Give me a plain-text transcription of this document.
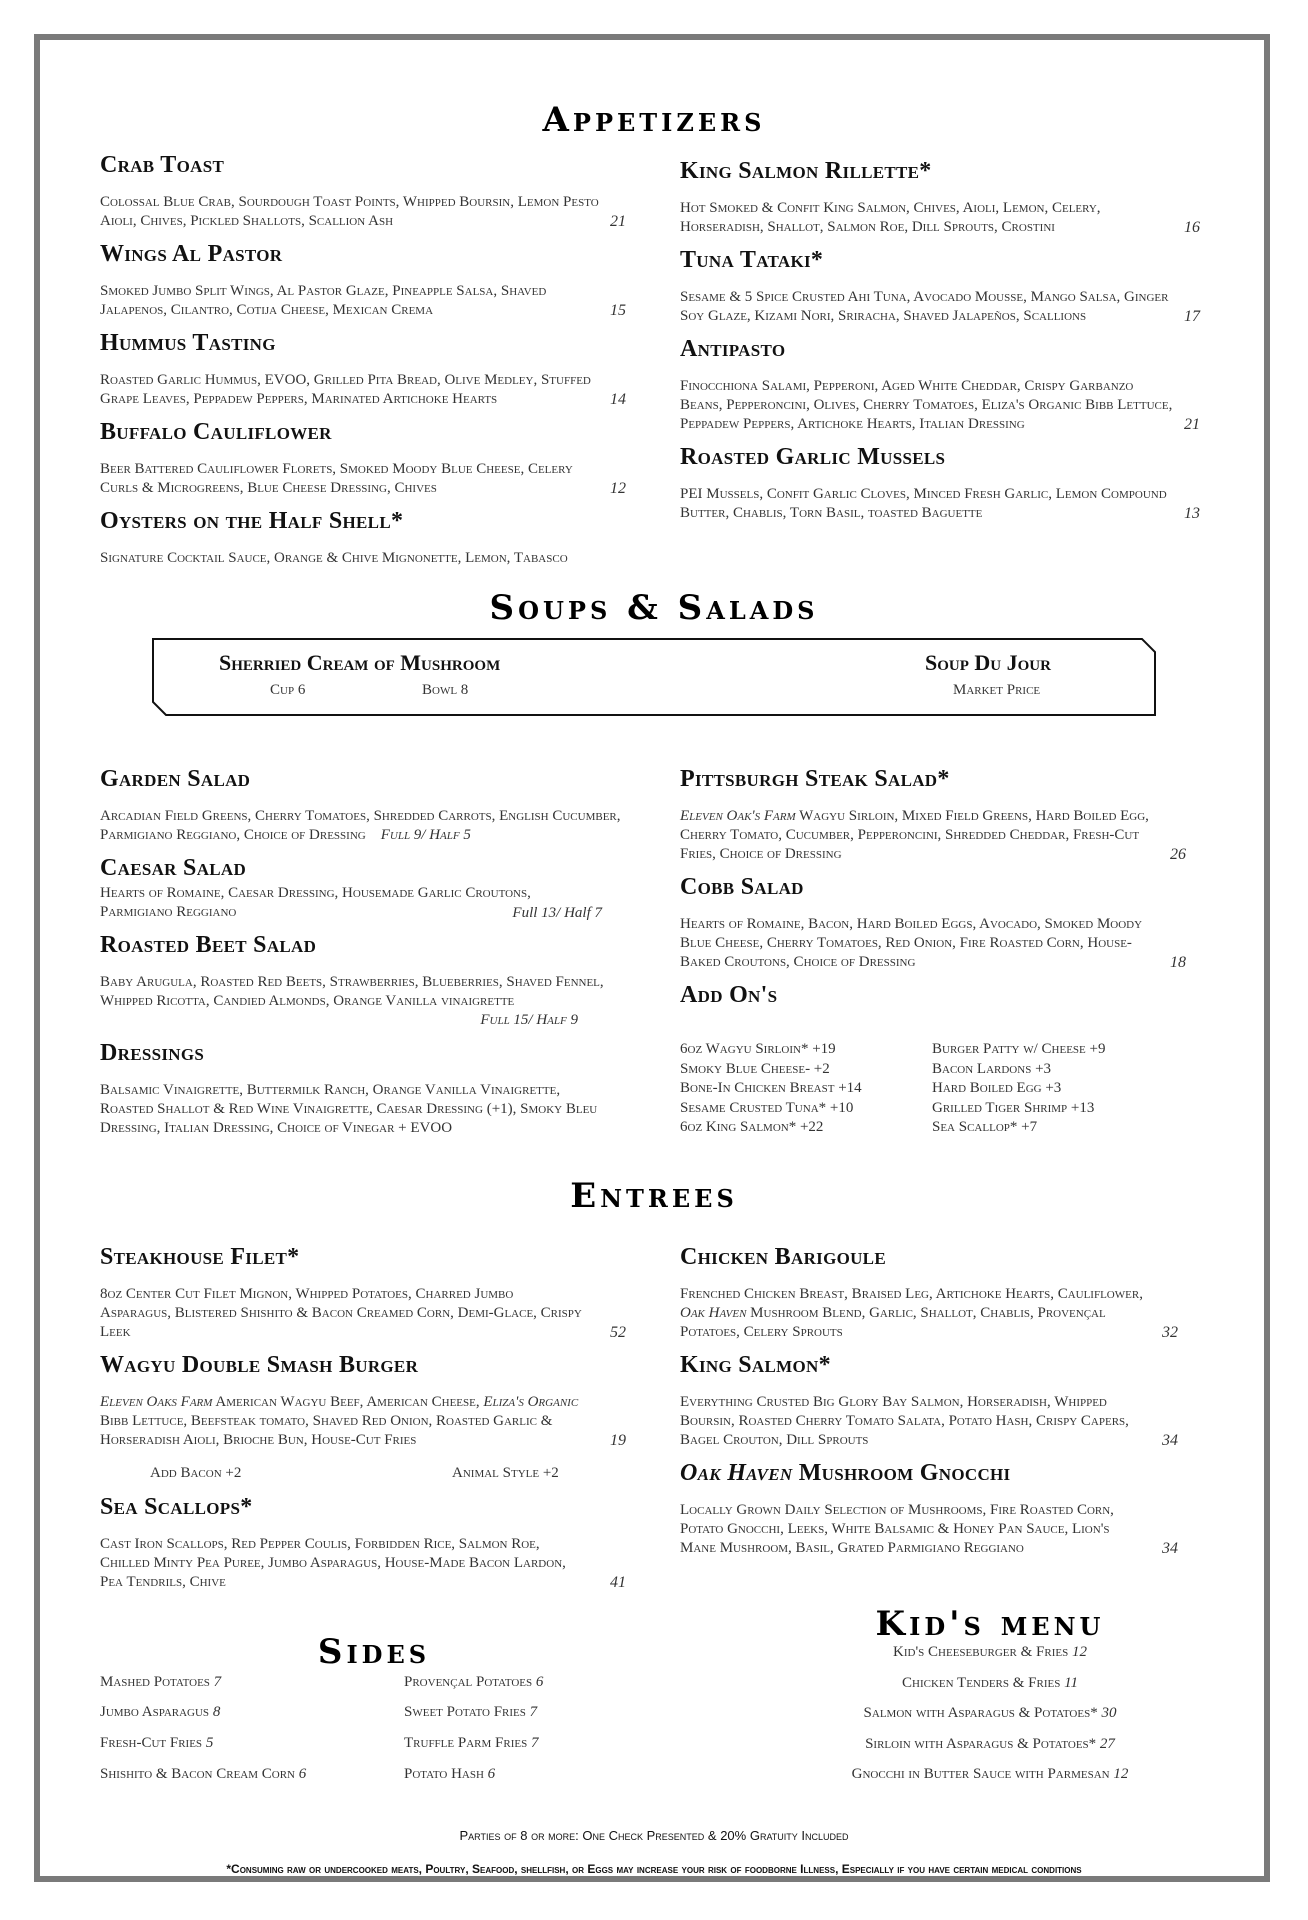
Appetizers
Crab Toast
Colossal Blue Crab, Sourdough Toast Points, Whipped Boursin, Lemon Pesto Aioli, Chives, Pickled Shallots, Scallion Ash	21
Wings Al Pastor
Smoked Jumbo Split Wings, Al Pastor Glaze, Pineapple Salsa, Shaved Jalapenos, Cilantro, Cotija Cheese, Mexican Crema	15
Hummus Tasting
Roasted Garlic Hummus, EVOO, Grilled Pita Bread, Olive Medley, Stuffed Grape Leaves, Peppadew Peppers, Marinated Artichoke Hearts	14
Buffalo Cauliflower
Beer Battered Cauliflower Florets, Smoked Moody Blue Cheese, Celery Curls & Microgreens, Blue Cheese Dressing, Chives	12
Oysters on the Half Shell*
Signature Cocktail Sauce, Orange & Chive Mignonette, Lemon, Tabasco
King Salmon Rillette*
Hot Smoked & Confit King Salmon, Chives, Aioli, Lemon, Celery, Horseradish, Shallot, Salmon Roe, Dill Sprouts, Crostini	16
Tuna Tataki*
Sesame & 5 Spice Crusted Ahi Tuna, Avocado Mousse, Mango Salsa, Ginger Soy Glaze, Kizami Nori, Sriracha, Shaved Jalapeños, Scallions	17
Antipasto
Finocchiona Salami, Pepperoni, Aged White Cheddar, Crispy Garbanzo Beans, Pepperoncini, Olives, Cherry Tomatoes, Eliza's Organic Bibb Lettuce, Peppadew Peppers, Artichoke Hearts, Italian Dressing	21
Roasted Garlic Mussels
PEI Mussels, Confit Garlic Cloves, Minced Fresh Garlic, Lemon Compound Butter, Chablis, Torn Basil, toasted Baguette	13
Soups & Salads
Sherried Cream of Mushroom
Cup 6	Bowl 8
Soup Du Jour
Market Price
Garden Salad
Arcadian Field Greens, Cherry Tomatoes, Shredded Carrots, English Cucumber, Parmigiano Reggiano, Choice of Dressing Full 9/ Half 5
Caesar Salad
Hearts of Romaine, Caesar Dressing, Housemade Garlic Croutons, Parmigiano Reggiano	Full 13/ Half 7
Roasted Beet Salad
Baby Arugula, Roasted Red Beets, Strawberries, Blueberries, Shaved Fennel, Whipped Ricotta, Candied Almonds, Orange Vanilla vinaigrette
Full 15/ Half 9
Dressings
Balsamic Vinaigrette, Buttermilk Ranch, Orange Vanilla Vinaigrette, Roasted Shallot & Red Wine Vinaigrette, Caesar Dressing (+1), Smoky Bleu Dressing, Italian Dressing, Choice of Vinegar + EVOO
Pittsburgh Steak Salad*
Eleven Oak's Farm Wagyu Sirloin, Mixed Field Greens, Hard Boiled Egg, Cherry Tomato, Cucumber, Pepperoncini, Shredded Cheddar, Fresh-Cut Fries, Choice of Dressing	26
Cobb Salad
Hearts of Romaine, Bacon, Hard Boiled Eggs, Avocado, Smoked Moody Blue Cheese, Cherry Tomatoes, Red Onion, Fire Roasted Corn, House-Baked Croutons, Choice of Dressing	18
Add On's
6oz Wagyu Sirloin* +19
Smoky Blue Cheese- +2
Bone-In Chicken Breast +14
Sesame Crusted Tuna* +10
6oz King Salmon* +22
Burger Patty w/ Cheese +9
Bacon Lardons +3
Hard Boiled Egg +3
Grilled Tiger Shrimp +13
Sea Scallop* +7
Entrees
Steakhouse Filet*
8oz Center Cut Filet Mignon, Whipped Potatoes, Charred Jumbo Asparagus, Blistered Shishito & Bacon Creamed Corn, Demi-Glace, Crispy Leek	52
Wagyu Double Smash Burger
Eleven Oaks Farm American Wagyu Beef, American Cheese, Eliza's Organic Bibb Lettuce, Beefsteak tomato, Shaved Red Onion, Roasted Garlic & Horseradish Aioli, Brioche Bun, House-Cut Fries	19
Add Bacon +2	Animal Style +2
Sea Scallops*
Cast Iron Scallops, Red Pepper Coulis, Forbidden Rice, Salmon Roe, Chilled Minty Pea Puree, Jumbo Asparagus, House-Made Bacon Lardon, Pea Tendrils, Chive	41
Chicken Barigoule
Frenched Chicken Breast, Braised Leg, Artichoke Hearts, Cauliflower, Oak Haven Mushroom Blend, Garlic, Shallot, Chablis, Provençal Potatoes, Celery Sprouts	32
King Salmon*
Everything Crusted Big Glory Bay Salmon, Horseradish, Whipped Boursin, Roasted Cherry Tomato Salata, Potato Hash, Crispy Capers, Bagel Crouton, Dill Sprouts	34
Oak Haven Mushroom Gnocchi
Locally Grown Daily Selection of Mushrooms, Fire Roasted Corn, Potato Gnocchi, Leeks, White Balsamic & Honey Pan Sauce, Lion's Mane Mushroom, Basil, Grated Parmigiano Reggiano	34
Sides
Mashed Potatoes 7
Jumbo Asparagus 8
Fresh-Cut Fries 5
Shishito & Bacon Cream Corn 6
Provençal Potatoes 6
Sweet Potato Fries 7
Truffle Parm Fries 7
Potato Hash 6
Kid's menu
Kid's Cheeseburger & Fries 12
Chicken Tenders & Fries 11
Salmon with Asparagus & Potatoes* 30
Sirloin with Asparagus & Potatoes* 27
Gnocchi in Butter Sauce with Parmesan 12
Parties of 8 or more: One Check Presented & 20% Gratuity Included
*Consuming raw or undercooked meats, Poultry, Seafood, shellfish, or Eggs may increase your risk of foodborne Illness, Especially if you have certain medical conditions
